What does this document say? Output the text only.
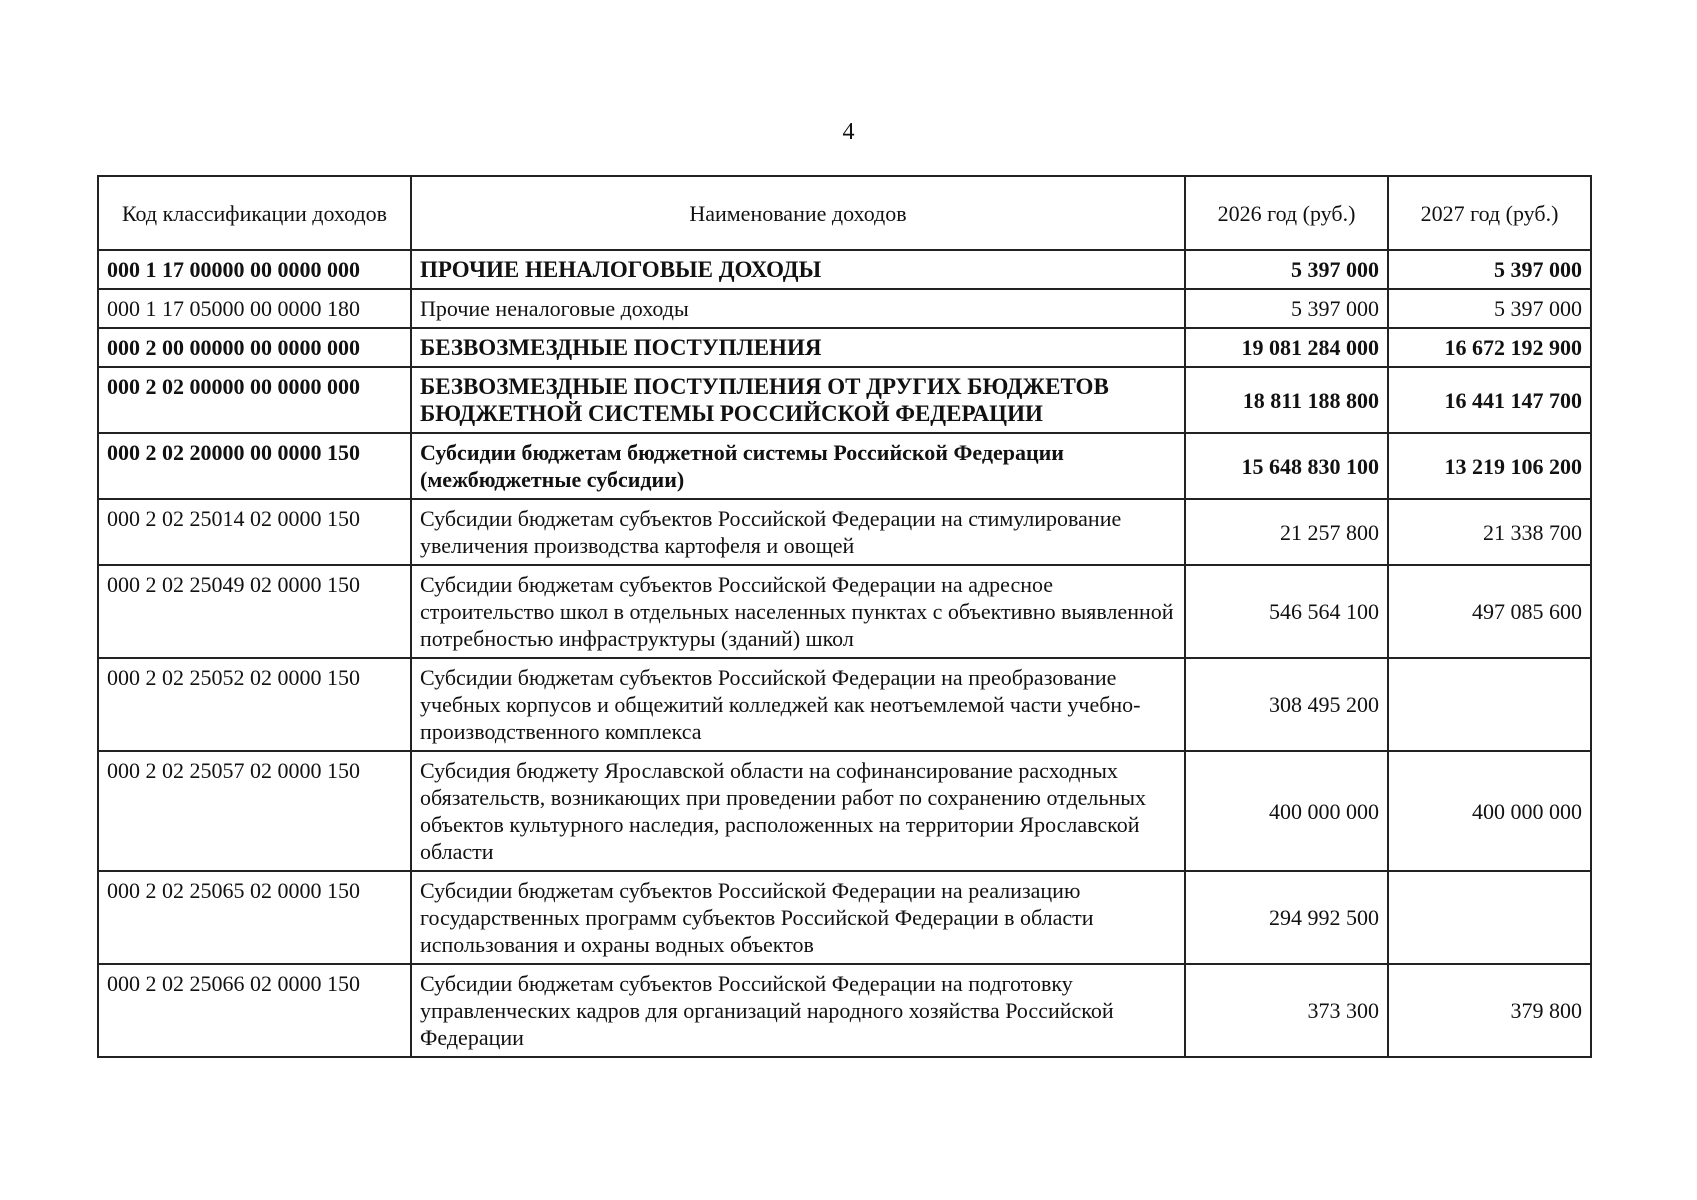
4
Код классификации доходов	Наименование доходов	2026 год (руб.)	2027 год (руб.)
000 1 17 00000 00 0000 000	ПРОЧИЕ НЕНАЛОГОВЫЕ ДОХОДЫ	5 397 000	5 397 000
000 1 17 05000 00 0000 180	Прочие неналоговые доходы	5 397 000	5 397 000
000 2 00 00000 00 0000 000	БЕЗВОЗМЕЗДНЫЕ ПОСТУПЛЕНИЯ	19 081 284 000	16 672 192 900
000 2 02 00000 00 0000 000	БЕЗВОЗМЕЗДНЫЕ ПОСТУПЛЕНИЯ ОТ ДРУГИХ БЮДЖЕТОВ БЮДЖЕТНОЙ СИСТЕМЫ РОССИЙСКОЙ ФЕДЕРАЦИИ	18 811 188 800	16 441 147 700
000 2 02 20000 00 0000 150	Субсидии бюджетам бюджетной системы Российской Федерации (межбюджетные субсидии)	15 648 830 100	13 219 106 200
000 2 02 25014 02 0000 150	Субсидии бюджетам субъектов Российской Федерации на стимулирование увеличения производства картофеля и овощей	21 257 800	21 338 700
000 2 02 25049 02 0000 150	Субсидии бюджетам субъектов Российской Федерации на адресное строительство школ в отдельных населенных пунктах с объективно выявленной потребностью инфраструктуры (зданий) школ	546 564 100	497 085 600
000 2 02 25052 02 0000 150	Субсидии бюджетам субъектов Российской Федерации на преобразование учебных корпусов и общежитий колледжей как неотъемлемой части учебно-производственного комплекса	308 495 200	
000 2 02 25057 02 0000 150	Субсидия бюджету Ярославской области на софинансирование расходных обязательств, возникающих при проведении работ по сохранению отдельных объектов культурного наследия, расположенных на территории Ярославской области	400 000 000	400 000 000
000 2 02 25065 02 0000 150	Субсидии бюджетам субъектов Российской Федерации на реализацию государственных программ субъектов Российской Федерации в области использования и охраны водных объектов	294 992 500	
000 2 02 25066 02 0000 150	Субсидии бюджетам субъектов Российской Федерации на подготовку управленческих кадров для организаций народного хозяйства Российской Федерации	373 300	379 800
